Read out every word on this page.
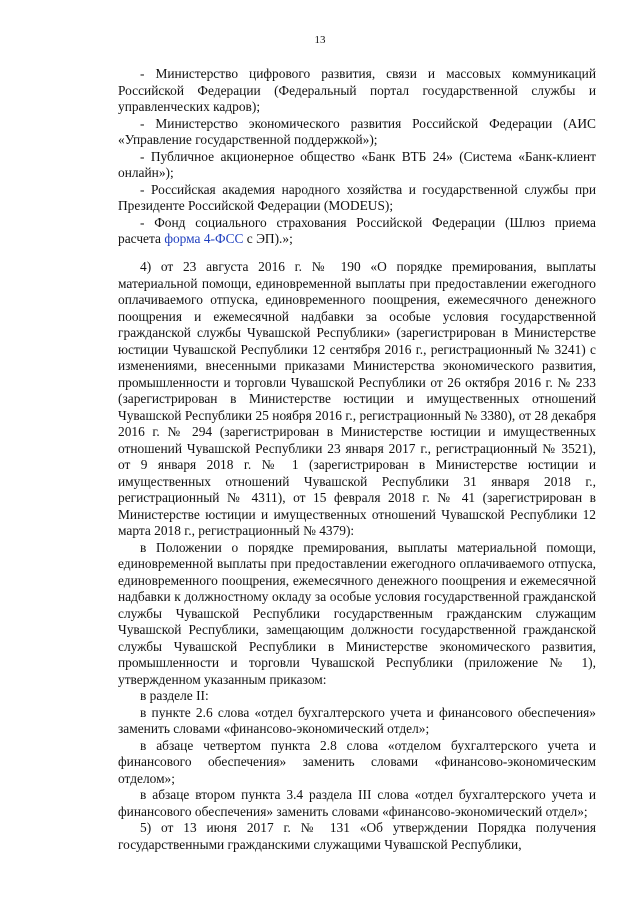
13

- Министерство цифрового развития, связи и массовых коммуникаций Российской Федерации (Федеральный портал государственной службы и управленческих кадров);

- Министерство экономического развития Российской Федерации (АИС «Управление государственной поддержкой»);

- Публичное акционерное общество «Банк ВТБ 24» (Система «Банк-клиент онлайн»);

- Российская академия народного хозяйства и государственной службы при Президенте Российской Федерации (MODEUS);

- Фонд социального страхования Российской Федерации (Шлюз приема расчета форма 4-ФСС с ЭП).»;

4) от 23 августа 2016 г. № 190 «О порядке премирования, выплаты материальной помощи, единовременной выплаты при предоставлении ежегодного оплачиваемого отпуска, единовременного поощрения, ежемесячного денежного поощрения и ежемесячной надбавки за особые условия государственной гражданской службы Чувашской Республики» (зарегистрирован в Министерстве юстиции Чувашской Республики 12 сентября 2016 г., регистрационный № 3241) с изменениями, внесенными приказами Министерства экономического развития, промышленности и торговли Чувашской Республики от 26 октября 2016 г. № 233 (зарегистрирован в Министерстве юстиции и имущественных отношений Чувашской Республики 25 ноября 2016 г., регистрационный № 3380), от 28 декабря 2016 г. № 294 (зарегистрирован в Министерстве юстиции и имущественных отношений Чувашской Республики 23 января 2017 г., регистрационный № 3521), от 9 января 2018 г. № 1 (зарегистрирован в Министерстве юстиции и имущественных отношений Чувашской Республики 31 января 2018 г., регистрационный № 4311), от 15 февраля 2018 г. № 41 (зарегистрирован в Министерстве юстиции и имущественных отношений Чувашской Республики 12 марта 2018 г., регистрационный № 4379):

в Положении о порядке премирования, выплаты материальной помощи, единовременной выплаты при предоставлении ежегодного оплачиваемого отпуска, единовременного поощрения, ежемесячного денежного поощрения и ежемесячной надбавки к должностному окладу за особые условия государственной гражданской службы Чувашской Республики государственным гражданским служащим Чувашской Республики, замещающим должности государственной гражданской службы Чувашской Республики в Министерстве экономического развития, промышленности и торговли Чувашской Республики (приложение № 1), утвержденном указанным приказом:

в разделе II:

в пункте 2.6 слова «отдел бухгалтерского учета и финансового обеспечения» заменить словами «финансово-экономический отдел»;

в абзаце четвертом пункта 2.8 слова «отделом бухгалтерского учета и финансового обеспечения» заменить словами «финансово-экономическим отделом»;

в абзаце втором пункта 3.4 раздела III слова «отдел бухгалтерского учета и финансового обеспечения» заменить словами «финансово-экономический отдел»;

5) от 13 июня 2017 г. № 131 «Об утверждении Порядка получения государственными гражданскими служащими Чувашской Республики,
